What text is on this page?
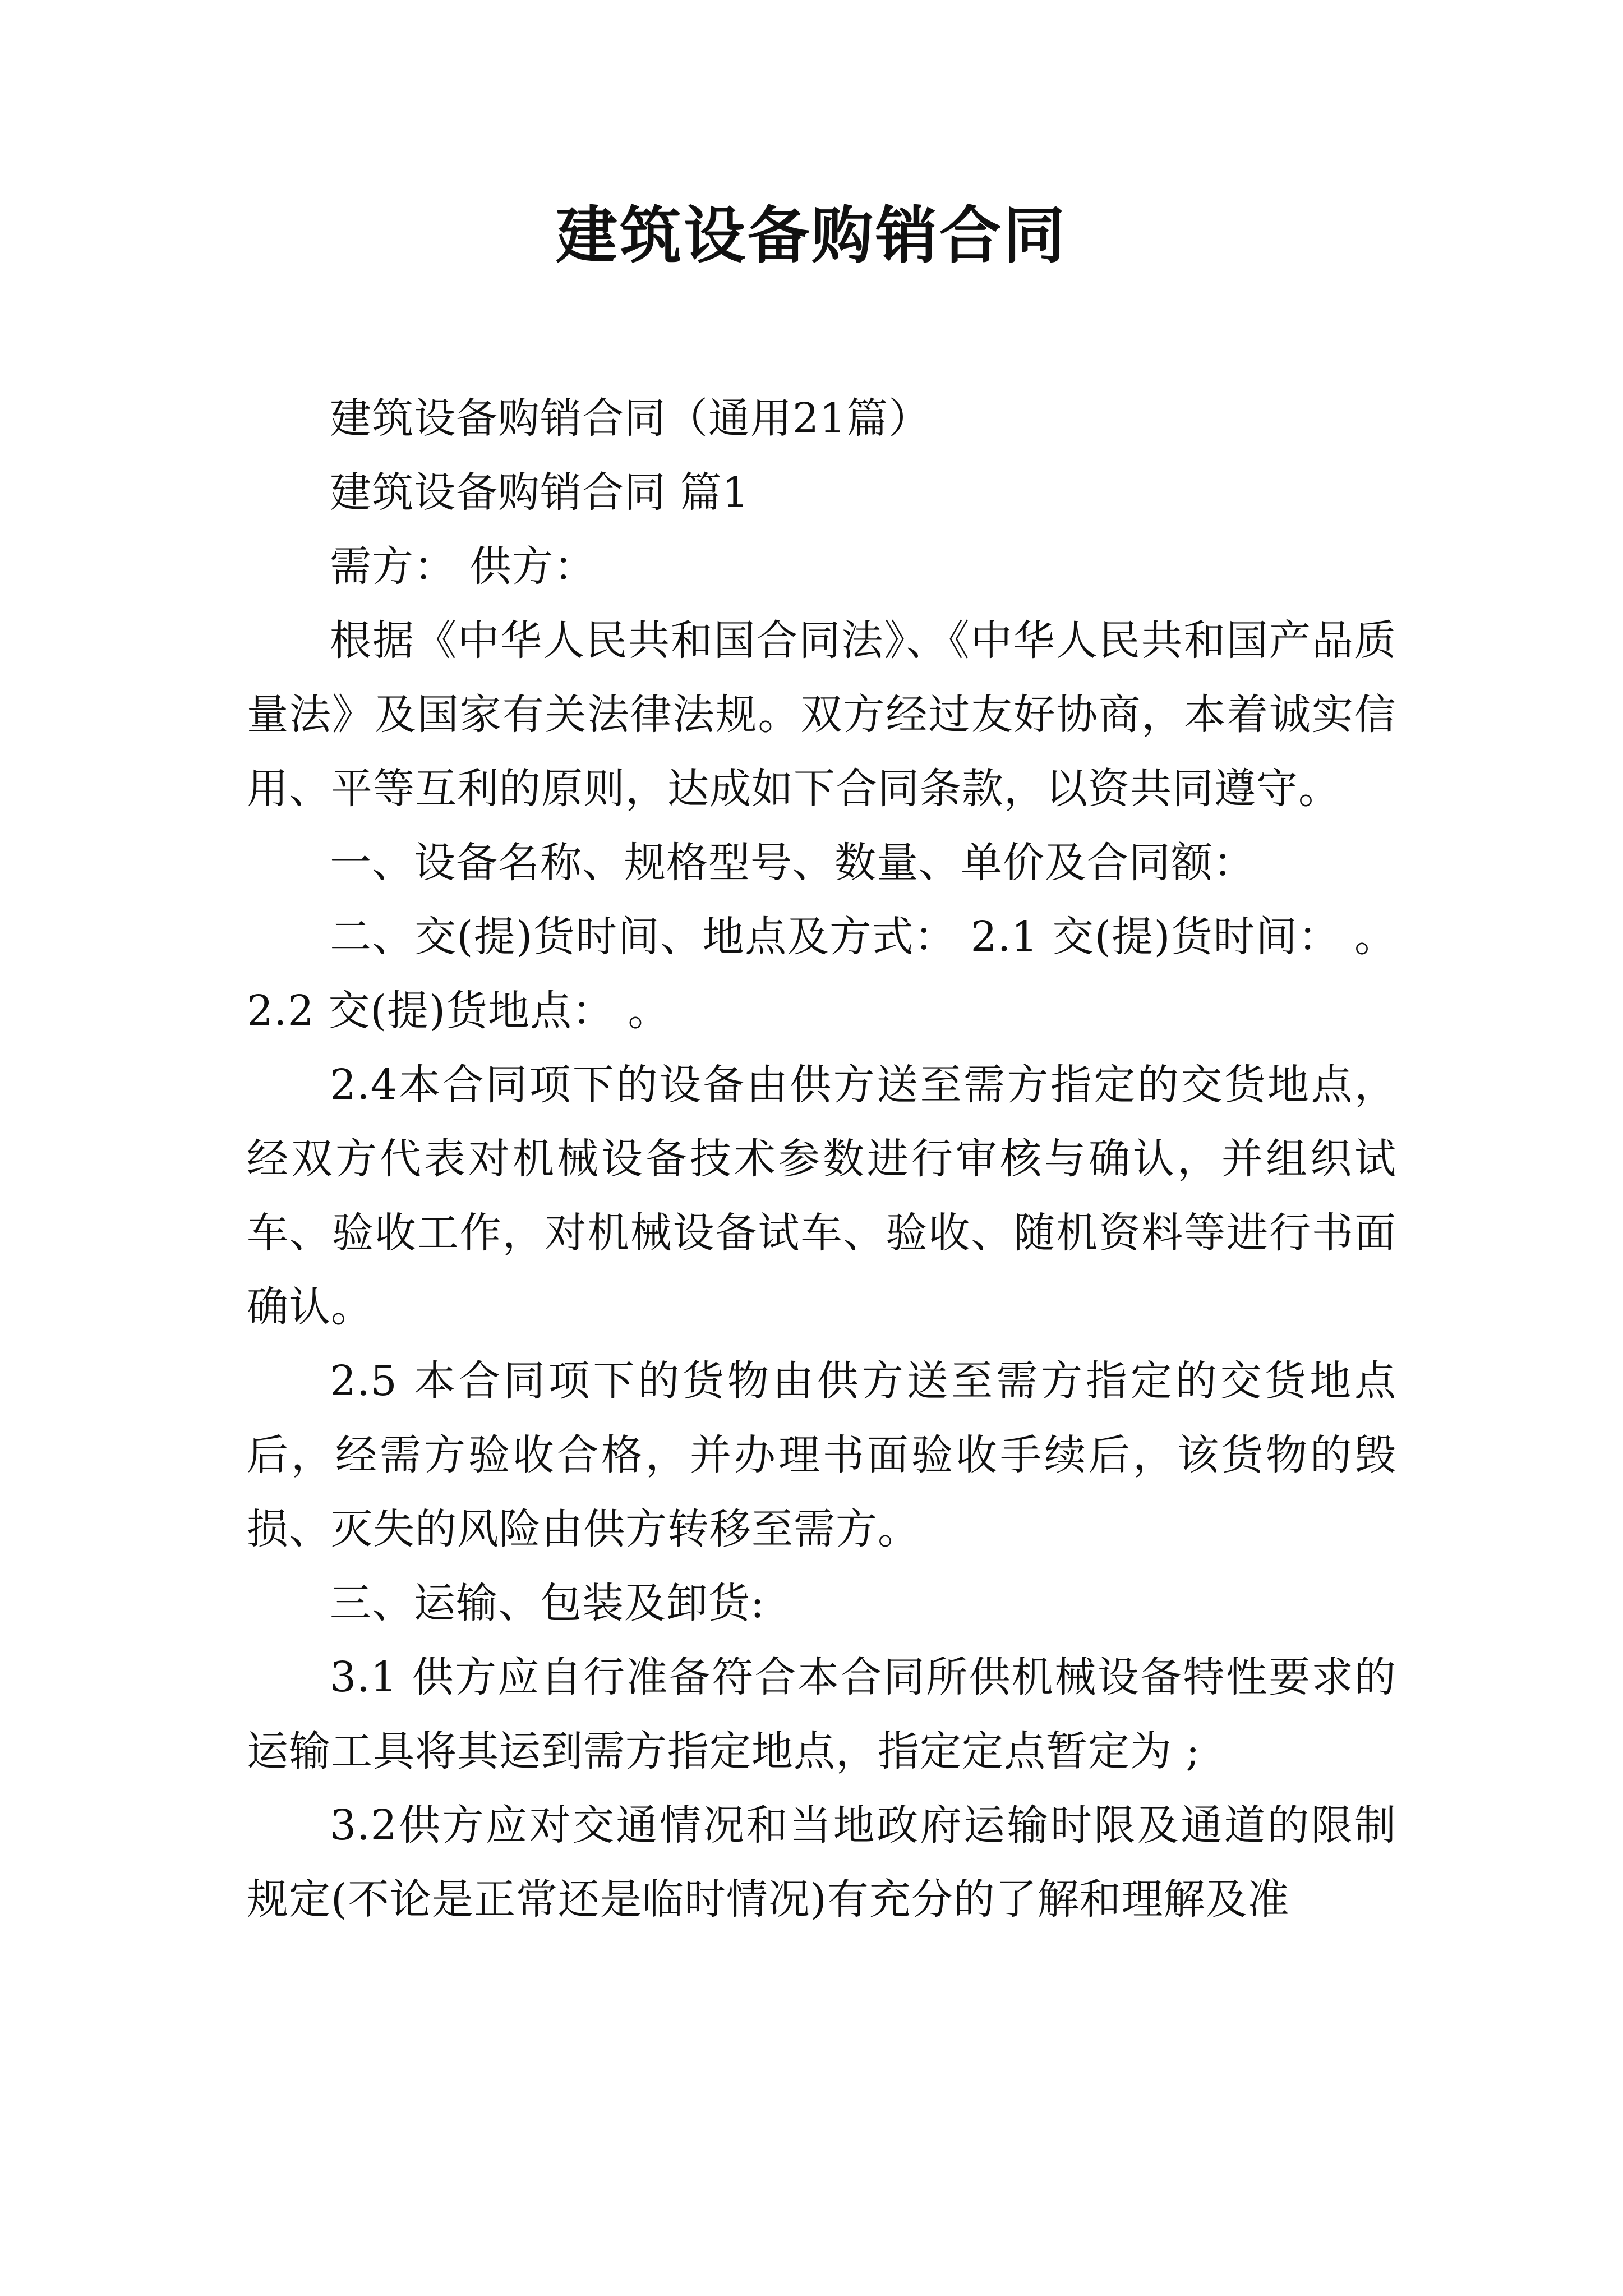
建筑设备购销合同

建筑设备购销合同（通用21篇）

建筑设备购销合同 篇1

需方： 供方：

根据《中华人民共和国合同法》、《中华人民共和国产品质量法》及国家有关法律法规。双方经过友好协商，本着诚实信用、平等互利的原则，达成如下合同条款，以资共同遵守。

一、设备名称、规格型号、数量、单价及合同额：

二、交(提)货时间、地点及方式： 2.1 交(提)货时间： 。2.2 交(提)货地点： 。

2.4本合同项下的设备由供方送至需方指定的交货地点，经双方代表对机械设备技术参数进行审核与确认，并组织试车、验收工作，对机械设备试车、验收、随机资料等进行书面确认。

2.5 本合同项下的货物由供方送至需方指定的交货地点后，经需方验收合格，并办理书面验收手续后，该货物的毁损、灭失的风险由供方转移至需方。

三、运输、包装及卸货:

3.1 供方应自行准备符合本合同所供机械设备特性要求的运输工具将其运到需方指定地点，指定定点暂定为 ;

3.2供方应对交通情况和当地政府运输时限及通道的限制规定(不论是正常还是临时情况)有充分的了解和理解及准
